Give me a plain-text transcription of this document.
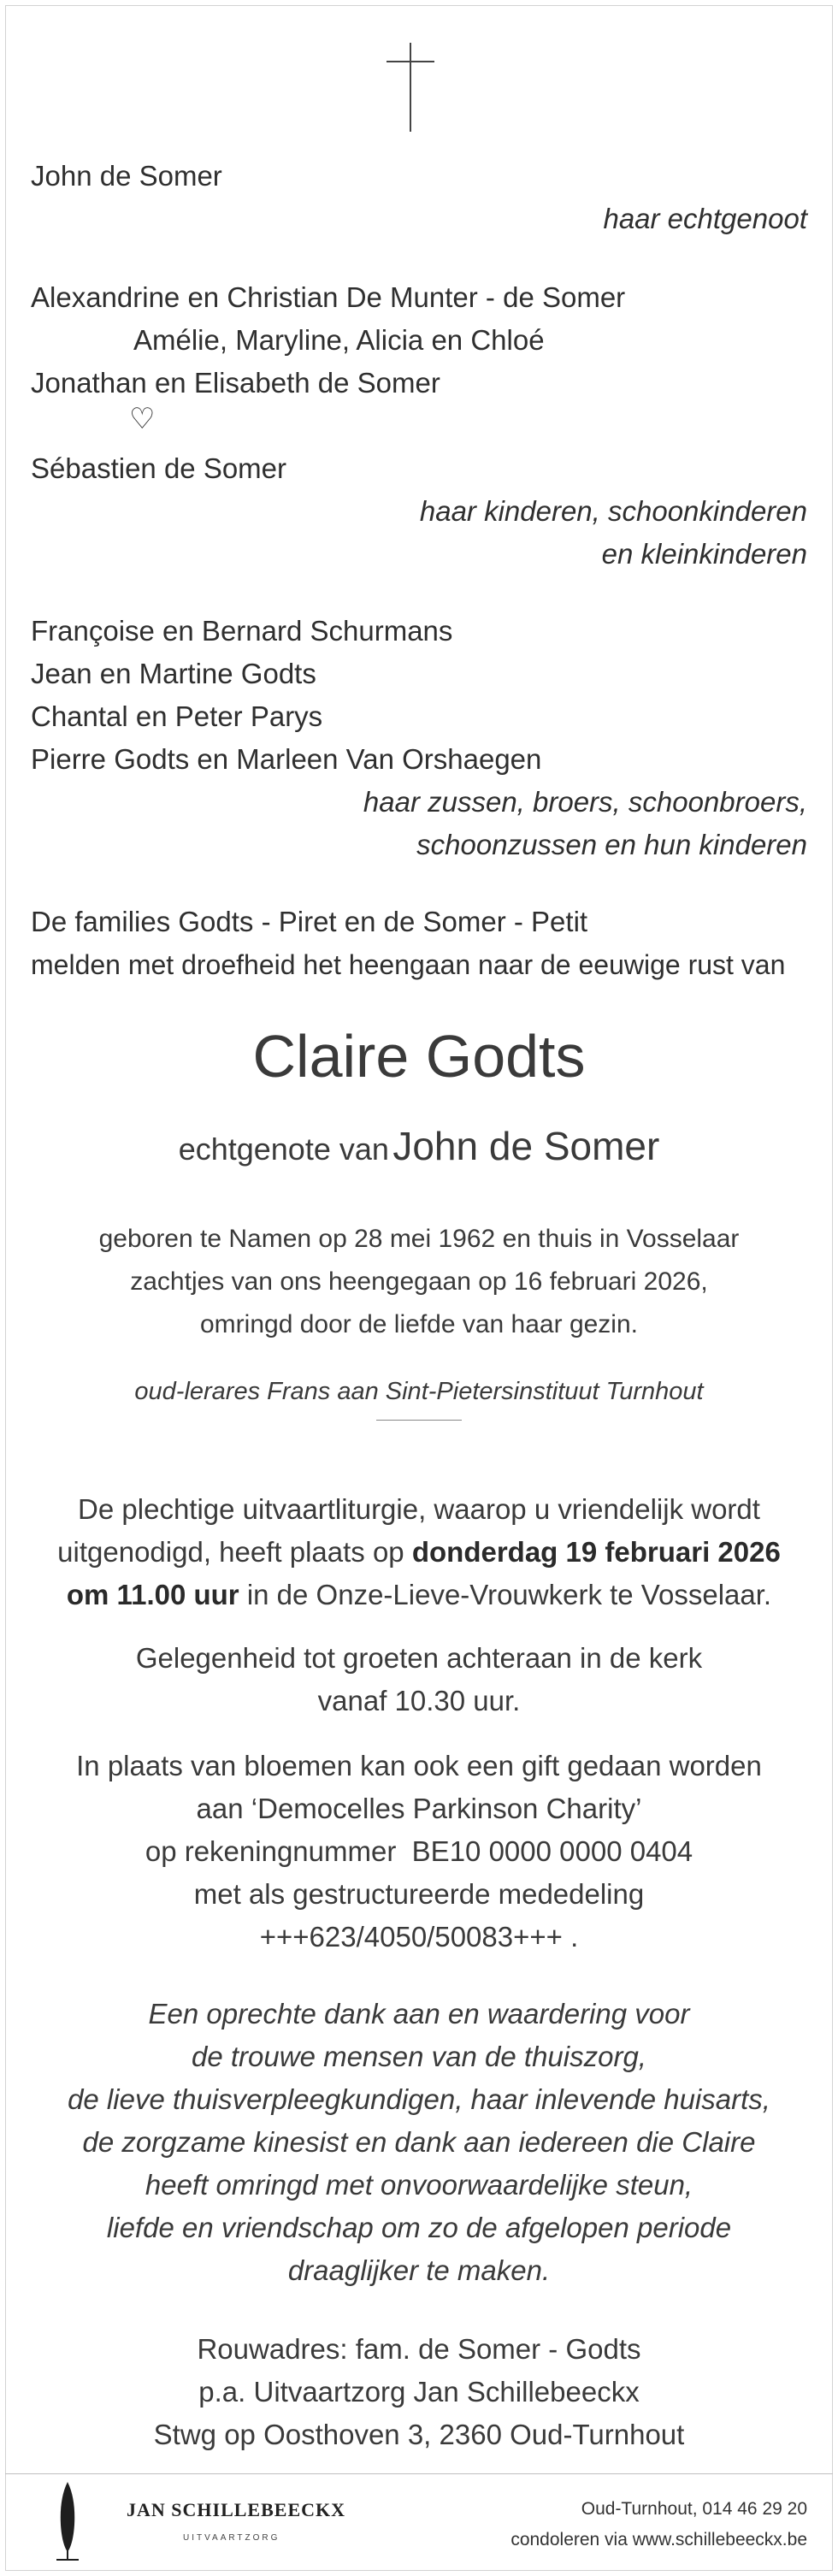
John de Somer
haar echtgenoot
Alexandrine en Christian De Munter - de Somer
Amélie, Maryline, Alicia en Chloé
Jonathan en Elisabeth de Somer
♡
Sébastien de Somer
haar kinderen, schoonkinderen
en kleinkinderen
Françoise en Bernard Schurmans
Jean en Martine Godts
Chantal en Peter Parys
Pierre Godts en Marleen Van Orshaegen
haar zussen, broers, schoonbroers,
schoonzussen en hun kinderen
De families Godts - Piret en de Somer - Petit
melden met droefheid het heengaan naar de eeuwige rust van
Claire Godts
echtgenote van John de Somer
geboren te Namen op 28 mei 1962 en thuis in Vosselaar
zachtjes van ons heengegaan op 16 februari 2026,
omringd door de liefde van haar gezin.
oud-lerares Frans aan Sint-Pietersinstituut Turnhout
De plechtige uitvaartliturgie, waarop u vriendelijk wordt
uitgenodigd, heeft plaats op donderdag 19 februari 2026
om 11.00 uur in de Onze-Lieve-Vrouwkerk te Vosselaar.
Gelegenheid tot groeten achteraan in de kerk
vanaf 10.30 uur.
In plaats van bloemen kan ook een gift gedaan worden
aan ‘Democelles Parkinson Charity’
op rekeningnummer  BE10 0000 0000 0404
met als gestructureerde mededeling
+++623/4050/50083+++ .
Een oprechte dank aan en waardering voor
de trouwe mensen van de thuiszorg,
de lieve thuisverpleegkundigen, haar inlevende huisarts,
de zorgzame kinesist en dank aan iedereen die Claire
heeft omringd met onvoorwaardelijke steun,
liefde en vriendschap om zo de afgelopen periode
draaglijker te maken.
Rouwadres: fam. de Somer - Godts
p.a. Uitvaartzorg Jan Schillebeeckx
Stwg op Oosthoven 3, 2360 Oud-Turnhout
JAN SCHILLEBEECKX
UITVAARTZORG
Oud-Turnhout, 014 46 29 20
condoleren via www.schillebeeckx.be
